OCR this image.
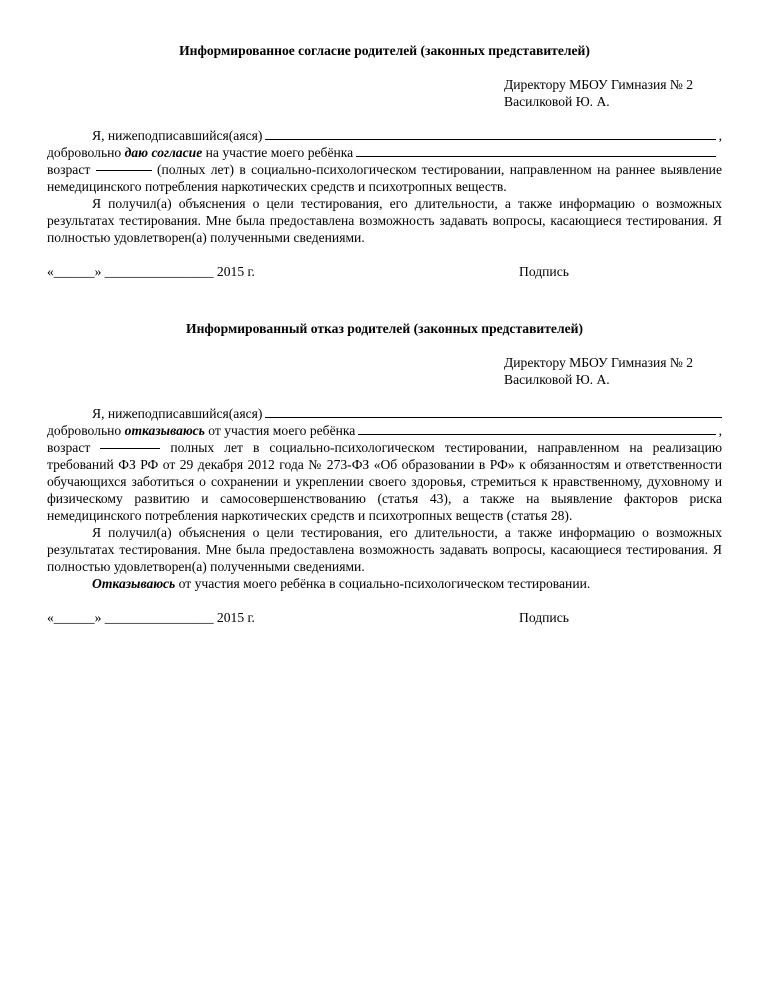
Информированное согласие родителей (законных представителей)
Директору МБОУ Гимназия № 2
Василковой Ю. А.
Я, нижеподписавшийся(аяся)	,
добровольно даю согласие на участие моего ребёнка

возраст	(полных лет) в социально-психологическом тестировании, направленном на раннее выявление немедицинского потребления наркотических средств и психотропных веществ.

Я получил(а) объяснения о цели тестирования, его длительности, а также информацию о возможных результатах тестирования. Мне была предоставлена возможность задавать вопросы, касающиеся тестирования. Я полностью удовлетворен(а) полученными сведениями.

«______» ________________ 2015 г.	Подпись
Информированный отказ родителей (законных представителей)
Директору МБОУ Гимназия № 2
Василковой Ю. А.
Я, нижеподписавшийся(аяся)
добровольно отказываюсь от участия моего ребёнка	,

возраст	полных лет в социально-психологическом тестировании, направленном на реализацию требований ФЗ РФ от 29 декабря 2012 года № 273-ФЗ «Об образовании в РФ» к обязанностям и ответственности обучающихся заботиться о сохранении и укреплении своего здоровья, стремиться к нравственному, духовному и физическому развитию и самосовершенствованию (статья 43), а также на выявление факторов риска немедицинского потребления наркотических средств и психотропных веществ (статья 28).

Я получил(а) объяснения о цели тестирования, его длительности, а также информацию о возможных результатах тестирования. Мне была предоставлена возможность задавать вопросы, касающиеся тестирования. Я полностью удовлетворен(а) полученными сведениями.

Отказываюсь от участия моего ребёнка в социально-психологическом тестировании.

«______» ________________ 2015 г.	Подпись
